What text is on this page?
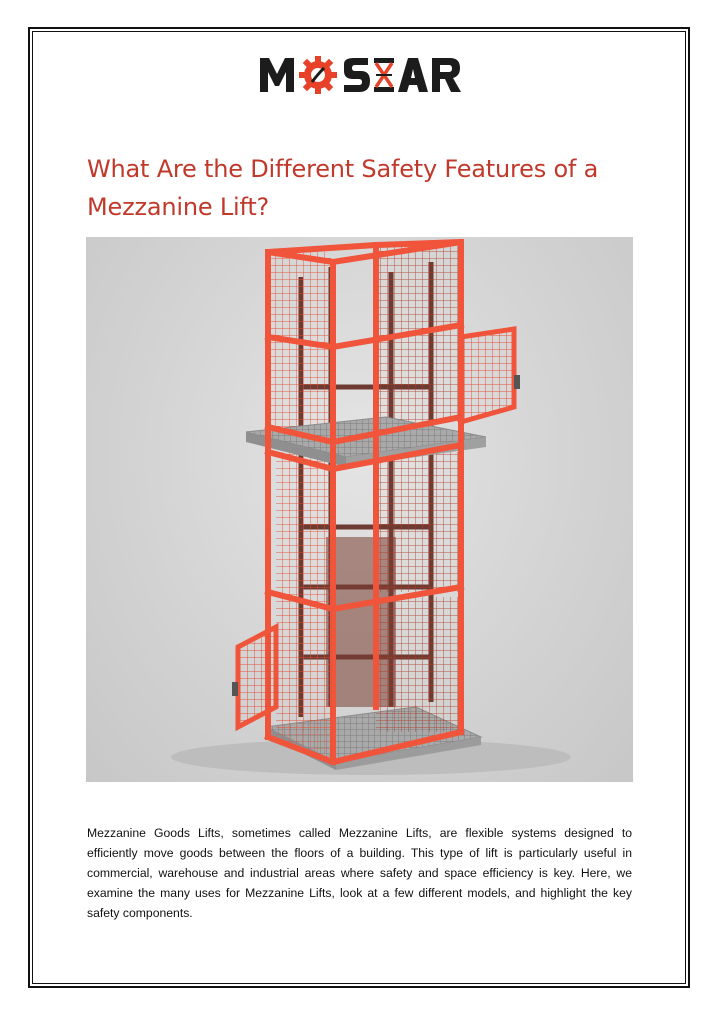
What Are the Different Safety Features of a Mezzanine Lift?

Mezzanine Goods Lifts, sometimes called Mezzanine Lifts, are flexible systems designed to efficiently move goods between the floors of a building. This type of lift is particularly useful in commercial, warehouse and industrial areas where safety and space efficiency is key. Here, we examine the many uses for Mezzanine Lifts, look at a few different models, and highlight the key safety components.
